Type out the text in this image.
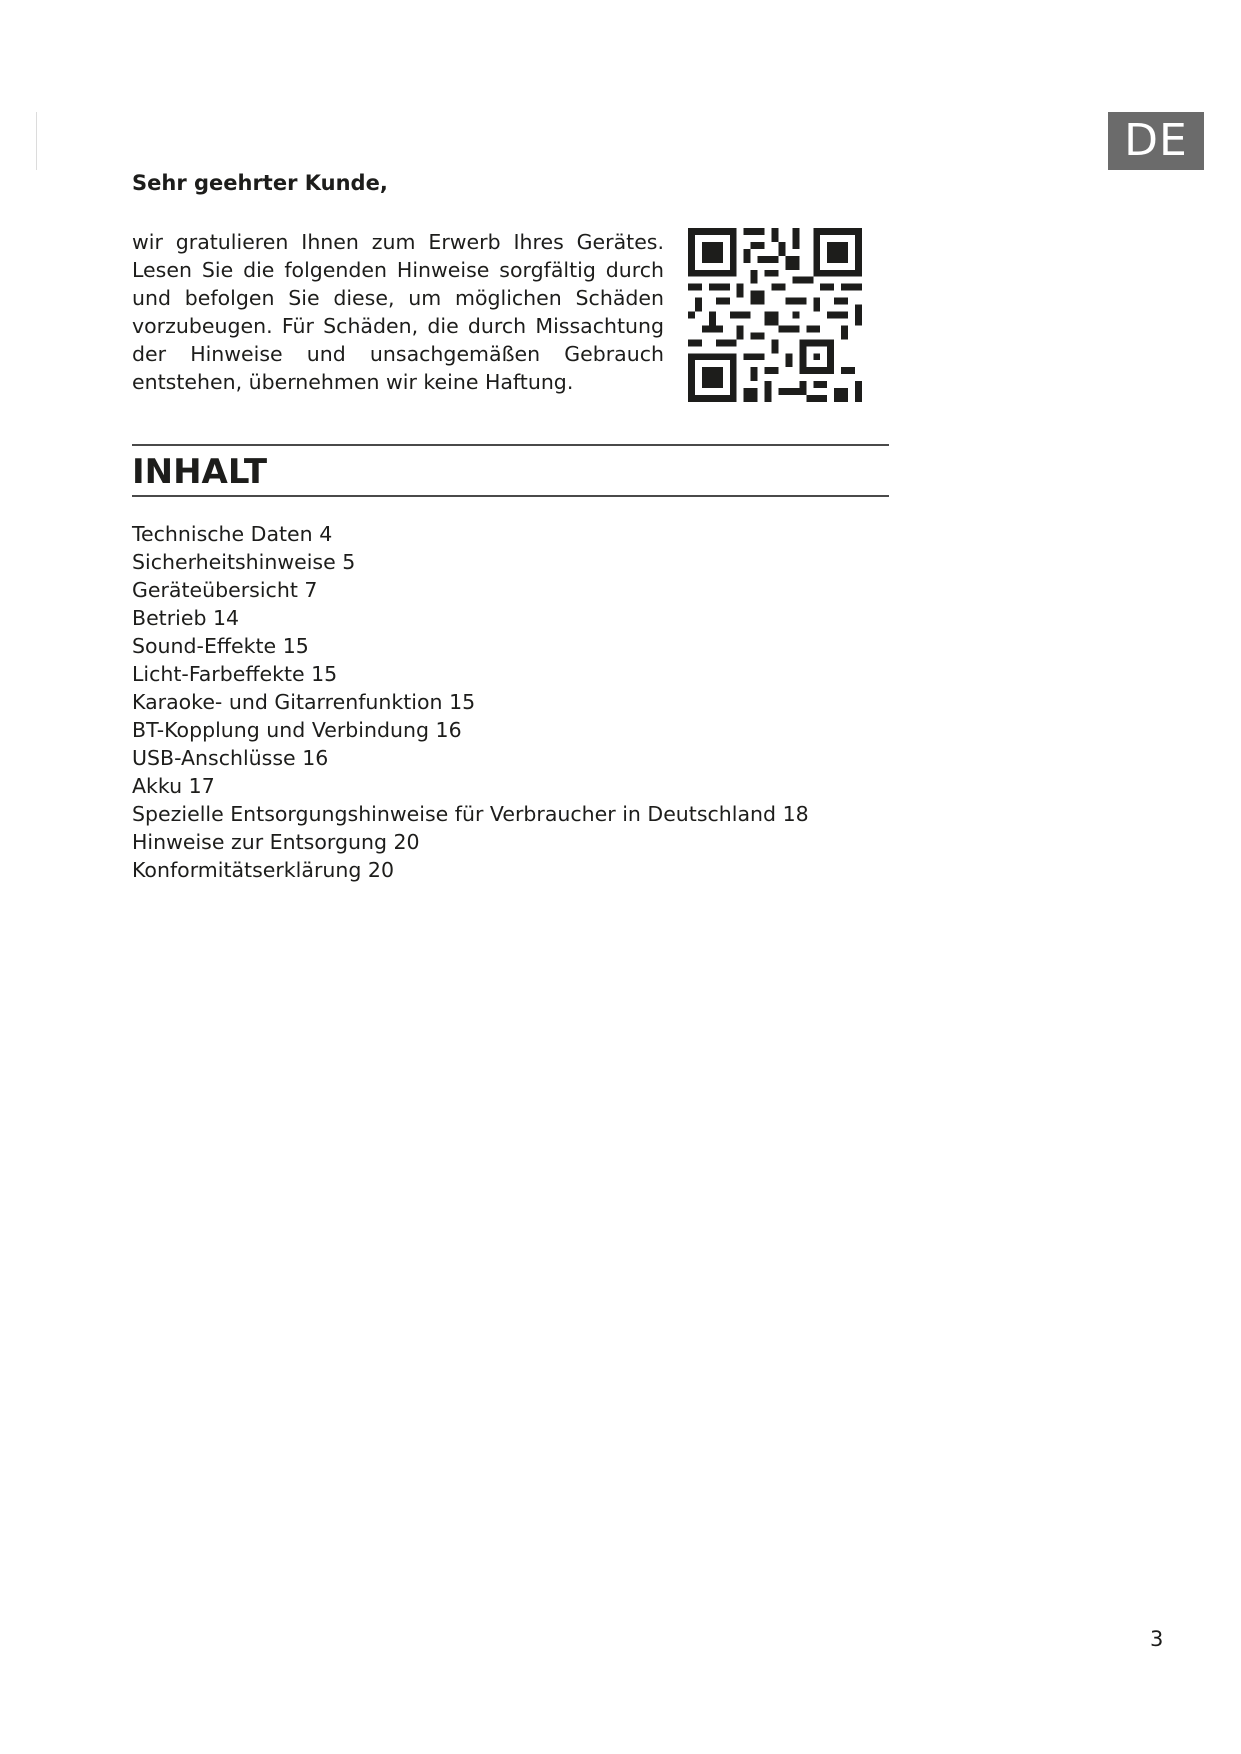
DE
Sehr geehrter Kunde,
wir gratulieren Ihnen zum Erwerb Ihres Gerätes. Lesen Sie die folgenden Hinweise sorgfältig durch und befolgen Sie diese, um möglichen Schäden vorzubeugen. Für Schäden, die durch Missachtung der Hinweise und unsachgemäßen Gebrauch entstehen, übernehmen wir keine Haftung.
INHALT
Technische Daten 4
Sicherheitshinweise 5
Geräteübersicht 7
Betrieb 14
Sound-Effekte 15
Licht-Farbeffekte 15
Karaoke- und Gitarrenfunktion 15
BT-Kopplung und Verbindung 16
USB-Anschlüsse 16
Akku 17
Spezielle Entsorgungshinweise für Verbraucher in Deutschland 18
Hinweise zur Entsorgung 20
Konformitätserklärung 20
3
